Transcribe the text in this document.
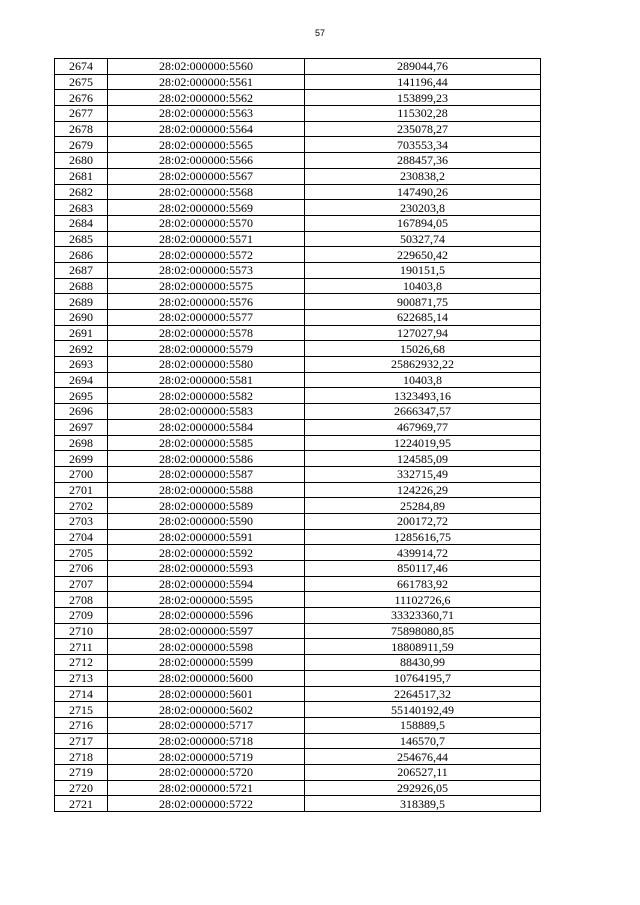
57
2674	28:02:000000:5560	289044,76
2675	28:02:000000:5561	141196,44
2676	28:02:000000:5562	153899,23
2677	28:02:000000:5563	115302,28
2678	28:02:000000:5564	235078,27
2679	28:02:000000:5565	703553,34
2680	28:02:000000:5566	288457,36
2681	28:02:000000:5567	230838,2
2682	28:02:000000:5568	147490,26
2683	28:02:000000:5569	230203,8
2684	28:02:000000:5570	167894,05
2685	28:02:000000:5571	50327,74
2686	28:02:000000:5572	229650,42
2687	28:02:000000:5573	190151,5
2688	28:02:000000:5575	10403,8
2689	28:02:000000:5576	900871,75
2690	28:02:000000:5577	622685,14
2691	28:02:000000:5578	127027,94
2692	28:02:000000:5579	15026,68
2693	28:02:000000:5580	25862932,22
2694	28:02:000000:5581	10403,8
2695	28:02:000000:5582	1323493,16
2696	28:02:000000:5583	2666347,57
2697	28:02:000000:5584	467969,77
2698	28:02:000000:5585	1224019,95
2699	28:02:000000:5586	124585,09
2700	28:02:000000:5587	332715,49
2701	28:02:000000:5588	124226,29
2702	28:02:000000:5589	25284,89
2703	28:02:000000:5590	200172,72
2704	28:02:000000:5591	1285616,75
2705	28:02:000000:5592	439914,72
2706	28:02:000000:5593	850117,46
2707	28:02:000000:5594	661783,92
2708	28:02:000000:5595	11102726,6
2709	28:02:000000:5596	33323360,71
2710	28:02:000000:5597	75898080,85
2711	28:02:000000:5598	18808911,59
2712	28:02:000000:5599	88430,99
2713	28:02:000000:5600	10764195,7
2714	28:02:000000:5601	2264517,32
2715	28:02:000000:5602	55140192,49
2716	28:02:000000:5717	158889,5
2717	28:02:000000:5718	146570,7
2718	28:02:000000:5719	254676,44
2719	28:02:000000:5720	206527,11
2720	28:02:000000:5721	292926,05
2721	28:02:000000:5722	318389,5
